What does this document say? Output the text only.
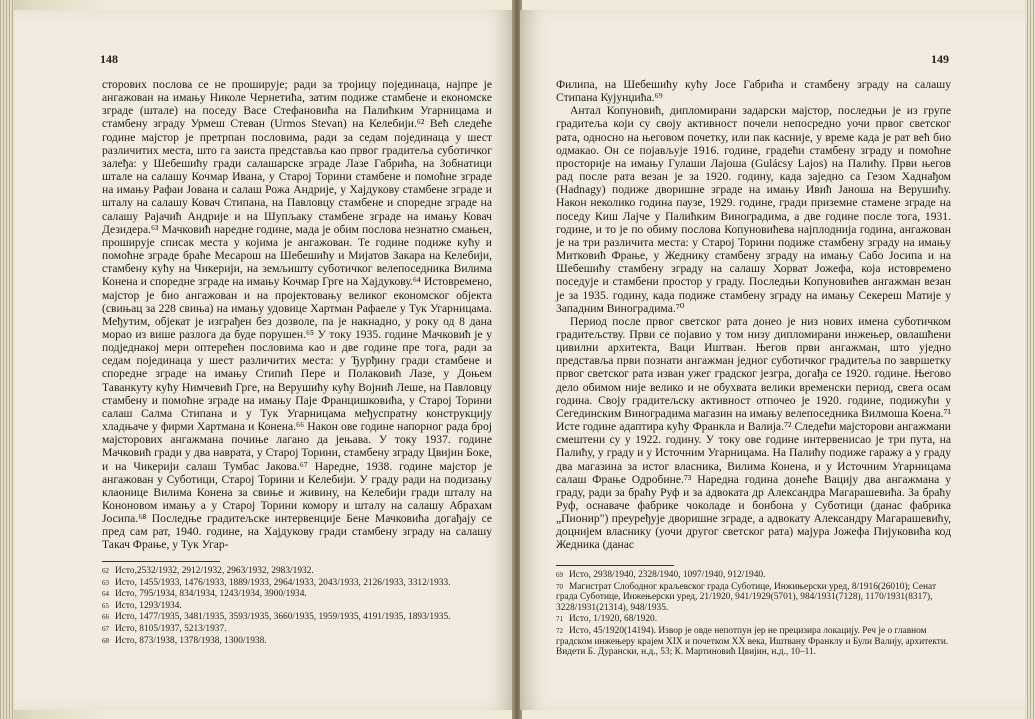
148

сторових послова се не проширује; ради за тројицу појединаца, најпре је ангажован на имању Николе Чернетића, затим подиже стамбене и економске зграде (штале) на поседу Васе Стефановића на Палићким Угарницама и стамбену зграду Урмеш Стеван (Urmos Stevan) на Келебији.⁶² Већ следеће године мајстор је претрпан пословима, ради за седам појединаца у шест различитих места, што га заиста представља као првог градитеља суботичког залеђа: у Шебешићу гради салашарске зграде Лазе Габрића, на Зобнатици штале на салашу Кочмар Ивана, у Старој Торини стамбене и помоћне зграде на имању Рафаи Јована и салаш Рожа Андрије, у Хајдукову стамбене зграде и шталу на салашу Ковач Стипана, на Павловцу стамбене и споредне зграде на салашу Рајачић Андрије и на Шупљаку стамбене зграде на имању Ковач Дезидера.⁶³ Мачковић наредне године, мада је обим послова незнатно смањен, проширује списак места у којима је ангажован. Те године подиже кућу и помоћне зграде браће Месарош на Шебешићу и Мијатов Закара на Келебији, стамбену кућу на Чикерији, на земљишту суботичког велепоседника Вилима Конена и споредне зграде на имању Кочмар Грге на Хајдукову.⁶⁴ Истовремено, мајстор је био ангажован и на пројектовању великог економског објекта (свињац за 228 свиња) на имању удовице Хартман Рафаеле у Тук Угарницама. Међутим, објекат је изграђен без дозволе, па је накнадно, у року од 8 дана морао из више разлога да буде порушен.⁶⁵ У току 1935. године Мачковић је у подједнакој мери оптерећен пословима као и две године пре тога, ради за седам појединаца у шест различитих места: у Ђурђину гради стамбене и споредне зграде на имању Стипић Пере и Полаковић Лазе, у Доњем Таванкуту кућу Нимчевић Грге, на Верушићу кућу Војнић Леше, на Павловцу стамбену и помоћне зграде на имању Паје Францишковића, у Старој Торини салаш Салма Стипана и у Тук Угарницама међуспратну конструкцију хладњаче у фирми Хартмана и Конена.⁶⁶ Након ове године напорног рада број мајсторових ангажмана почиње лагано да јењава. У току 1937. године Мачковић гради у два наврата, у Старој Торини, стамбену зграду Цвијин Боке, и на Чикерији салаш Тумбас Јакова.⁶⁷ Наредне, 1938. године мајстор је ангажован у Суботици, Старој Торини и Келебији. У граду ради на подизању клаонице Вилима Конена за свиње и живину, на Келебији гради шталу на Кононовом имању а у Старој Торини комору и шталу на салашу Абрахам Јосипа.⁶⁸ Последње градитељске интервенције Бене Мачковића догађају се пред сам рат, 1940. године, на Хајдукову гради стамбену зграду на салашу Такач Фрање, у Тук Угар-

$^{62}$ Исто,2532/1932, 2912/1932, 2963/1932, 2983/1932.
$^{63}$ Исто, 1455/1933, 1476/1933, 1889/1933, 2964/1933, 2043/1933, 2126/1933, 3312/1933.
$^{64}$ Исто, 795/1934, 834/1934, 1243/1934, 3900/1934.
$^{65}$ Исто, 1293/1934.
$^{66}$ Исто, 1477/1935, 3481/1935, 3593/1935, 3660/1935, 1959/1935, 4191/1935, 1893/1935.
$^{67}$ Исто, 8105/1937, 5213/1937.
$^{68}$ Исто, 873/1938, 1378/1938, 1300/1938.
149

Филипа, на Шебешићу кућу Јосе Габрића и стамбену зграду на салашу Стипана Кујунџића.⁶⁹

Антал Копуновић, дипломирани задарски мајстор, последњи је из групе градитеља који су своју активност почели непосредно уочи првог светског рата, односно на његовом почетку, или пак касније, у време када је рат већ био одмакао. Он се појављује 1916. године, градећи стамбену зграду и помоћне просторије на имању Гулаши Лајоша (Gulácsy Lajos) на Палићу. Први његов рад после рата везан је за 1920. годину, када заједно са Гезом Хаднађом (Hadnagy) подиже дворишне зграде на имању Ивић Јаноша на Верушићу. Након неколико година паузе, 1929. године, гради приземне стамене зграде на поседу Киш Лајче у Палићким Виноградима, а две године после тога, 1931. године, и то је по обиму послова Копуновићева најплоднија година, ангажован је на три различита места: у Старој Торини подиже стамбену зграду на имању Митковић Фрање, у Жеднику стамбену зграду на имању Сабо Јосипа и на Шебешићу стамбену зграду на салашу Хорват Јожефа, која истовремено поседује и стамбени простор у граду. Последњи Копуновићев ангажман везан је за 1935. годину, када подиже стамбену зграду на имању Секереш Матије у Западним Виноградима.⁷⁰

Период после првог светског рата донео је низ нових имена суботичком градитељству. Први се појавио у том низу дипломирани инжењер, овлашћени цивилни архитекта, Ваци Иштван. Његов први ангажман, што уједно представља први познати ангажман једног суботичког градитеља по завршетку првог светског рата изван ужег градског језгра, догађа се 1920. године. Његово дело обимом није велико и не обухвата велики временски период, свега осам година. Своју градитељску активност отпочео је 1920. године, подижући у Сегединским Виноградима магазин на имању велепоседника Вилмоша Коена.⁷¹ Исте године адаптира кућу Франкла и Валија.⁷² Следећи мајсторови ангажмани смештени су у 1922. годину. У току ове године интервенисао је три пута, на Палићу, у граду и у Источним Угарницама. На Палићу подиже гаражу а у граду два магазина за истог власника, Вилима Конена, и у Источним Угарницама салаш Фрање Одробине.⁷³ Наредна година донеће Вацију два ангажмана у граду, ради за браћу Руф и за адвоката др Александра Магарашевића. За браћу Руф, оснаваче фабрике чоколаде и бонбона у Суботици (данас фабрика „Пионир") преуређује дворишне зграде, а адвокату Александру Магарашевићу, доцнијем власнику (уочи другог светског рата) мајура Јожефа Пијуковића код Жедника (данас

$^{69}$ Исто, 2938/1940, 2328/1940, 1097/1940, 912/1940.
$^{70}$ Магистрат Слободног краљевског града Суботице, Инжињерски уред, 8/1916(26010); Сенат града Суботице, Инжењерски уред, 21/1920, 941/1929(5701), 984/1931(7128), 1170/1931(8317), 3228/1931(21314), 948/1935.
$^{71}$ Исто, 1/1920, 68/1920.
$^{72}$ Исто, 45/1920(14194). Извор је овде непотпун јер не прецизира локацију. Реч је о главном градском инжењеру крајем XIX и почетком XX века, Иштвану Франклу и Були Валију, архитекти. Видети Б. Дурански, н.д., 53; К. Мартиновић Цвијин, н.д., 10–11.
